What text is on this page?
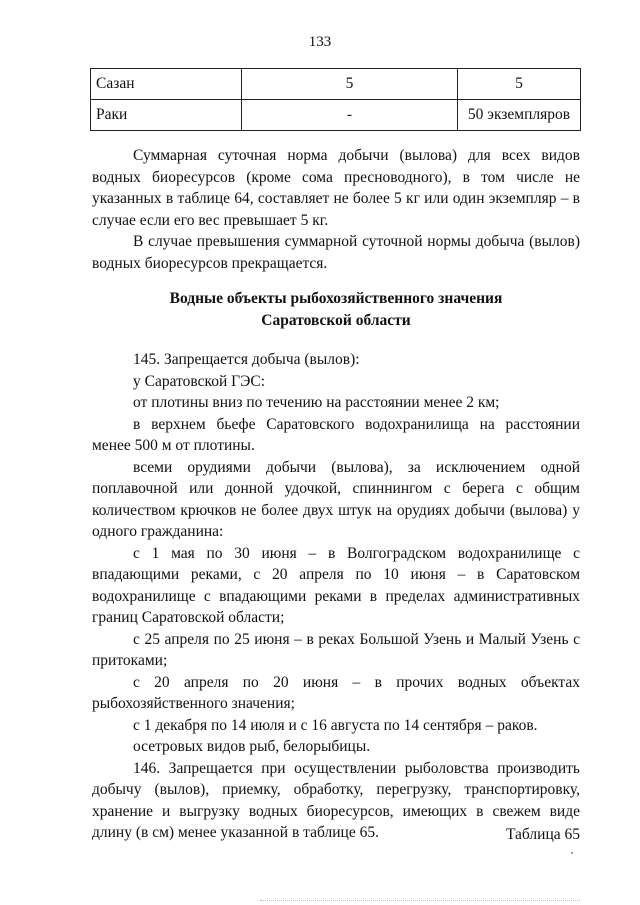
133
Сазан	5	5
Раки	-	50 экземпляров

Суммарная суточная норма добычи (вылова) для всех видов водных биоресурсов (кроме сома пресноводного), в том числе не указанных в таблице 64, составляет не более 5 кг или один экземпляр – в случае если его вес превышает 5 кг.

В случае превышения суммарной суточной нормы добыча (вылов) водных биоресурсов прекращается.

Водные объекты рыбохозяйственного значения
Саратовской области

145. Запрещается добыча (вылов):

у Саратовской ГЭС:

от плотины вниз по течению на расстоянии менее 2 км;

в верхнем бьефе Саратовского водохранилища на расстоянии менее 500 м от плотины.

всеми орудиями добычи (вылова), за исключением одной поплавочной или донной удочкой, спиннингом с берега с общим количеством крючков не более двух штук на орудиях добычи (вылова) у одного гражданина:

с 1 мая по 30 июня – в Волгоградском водохранилище с впадающими реками, с 20 апреля по 10 июня – в Саратовском водохранилище с впадающими реками в пределах административных границ Саратовской области;

с 25 апреля по 25 июня – в реках Большой Узень и Малый Узень с притоками;

с 20 апреля по 20 июня – в прочих водных объектах рыбохозяйственного значения;

с 1 декабря по 14 июля и с 16 августа по 14 сентября – раков.

осетровых видов рыб, белорыбицы.

146. Запрещается при осуществлении рыболовства производить добычу (вылов), приемку, обработку, перегрузку, транспортировку, хранение и выгрузку водных биоресурсов, имеющих в свежем виде длину (в см) менее указанной в таблице 65.	Таблица 65
